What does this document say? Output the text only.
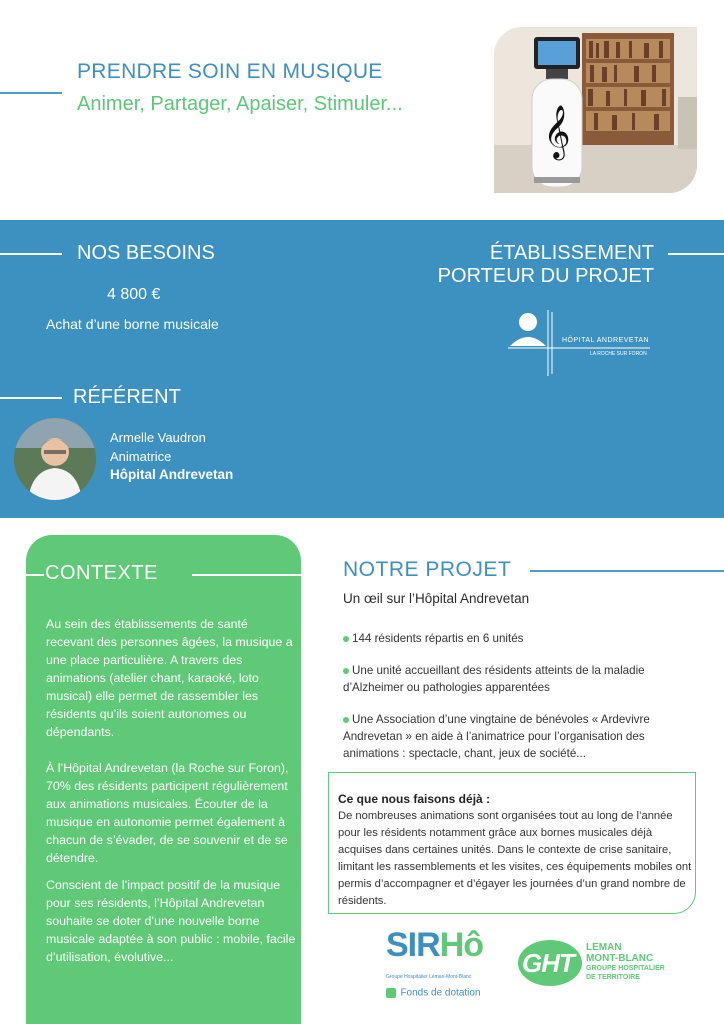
PRENDRE SOIN EN MUSIQUE
Animer, Partager, Apaiser, Stimuler...	𝄞
NOS BESOINS
4 800 €
Achat d’une borne musicale
ÉTABLISSEMENT
PORTEUR DU PROJET
HÔPITAL ANDREVETAN
LA ROCHE SUR FORON
RÉFÉRENT
Armelle Vaudron
Animatrice
Hôpital Andrevetan
CONTEXTE
Au sein des établissements de santé recevant des personnes âgées, la musique a une place particulière. A travers des animations (atelier chant, karaoké, loto musical) elle permet de rassembler les résidents qu’ils soient autonomes ou dépendants.
À l’Hôpital Andrevetan (la Roche sur Foron), 70% des résidents participent régulièrement aux animations musicales. Écouter de la musique en autonomie permet également à chacun de s’évader, de se souvenir et de se détendre.
Conscient de l’impact positif de la musique pour ses résidents, l’Hôpital Andrevetan souhaite se doter d’une nouvelle borne musicale adaptée à son public : mobile, facile d’utilisation, évolutive...
NOTRE PROJET
Un œil sur l’Hôpital Andrevetan
144 résidents répartis en 6 unités
Une unité accueillant des résidents atteints de la maladie d’Alzheimer ou pathologies apparentées
Une Association d’une vingtaine de bénévoles « Ardevivre Andrevetan » en aide à l’animatrice pour l’organisation des animations : spectacle, chant, jeux de société...
Ce que nous faisons déjà :
De nombreuses animations sont organisées tout au long de l’année pour les résidents notamment grâce aux bornes musicales déjà acquises dans certaines unités. Dans le contexte de crise sanitaire, limitant les rassemblements et les visites, ces équipements mobiles ont permis d’accompagner et d’égayer les journées d’un grand nombre de résidents.
SIRHô
Groupe Hospitalier Léman-Mont-Blanc
Fonds de dotation
GHT
LEMAN
MONT-BLANC
GROUPE HOSPITALIER
DE TERRITOIRE
